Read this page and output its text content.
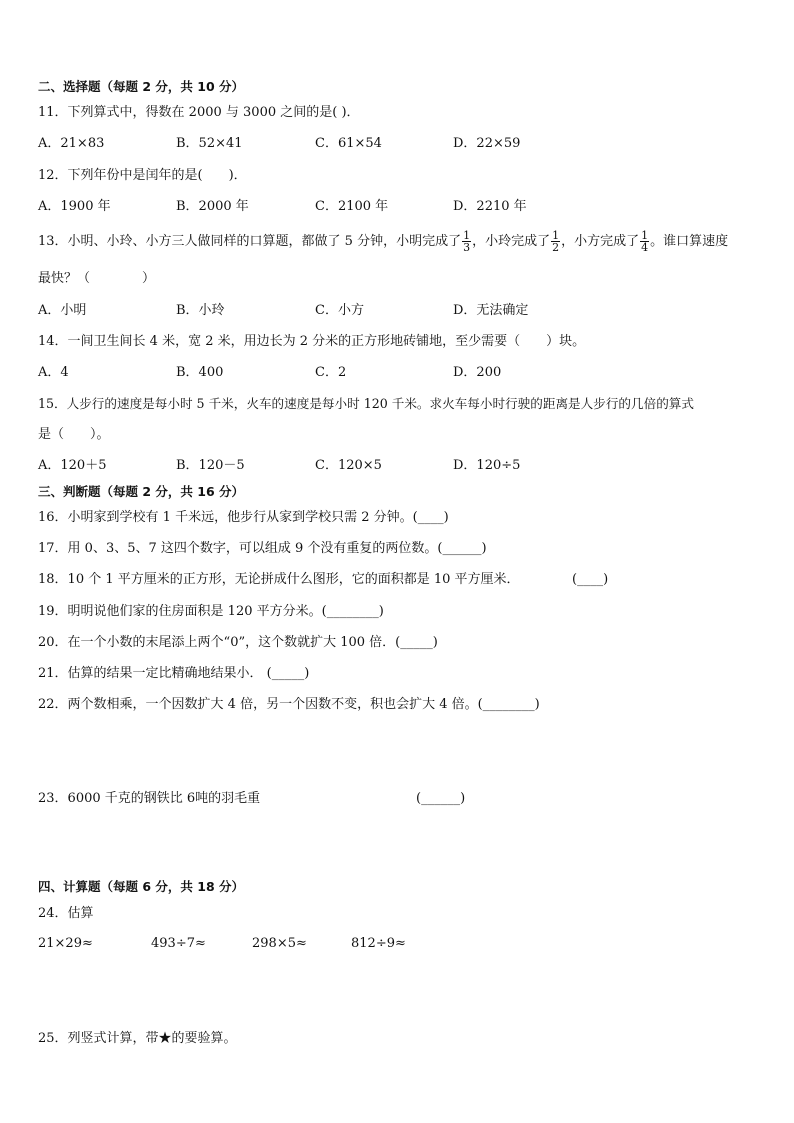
二、选择题（每题 2 分，共 10 分）
11．下列算式中，得数在 2000 与 3000 之间的是( )．
A．21×83	B．52×41	C．61×54	D．22×59
12．下列年份中是闰年的是(　　)．
A．1900 年	B．2000 年	C．2100 年	D．2210 年
13．小明、小玲、小方三人做同样的口算题，都做了 5 分钟，小明完成了 $\frac{1}{3}$ ，小玲完成了 $\frac{1}{2}$ ，小方完成了 $\frac{1}{4}$ 。谁口算速度
最快？（　　　　）
A．小明	B．小玲	C．小方	D．无法确定
14．一间卫生间长 4 米，宽 2 米，用边长为 2 分米的正方形地砖铺地，至少需要（　　）块。
A．4	B．400	C．2	D．200
15．人步行的速度是每小时 5 千米，火车的速度是每小时 120 千米。求火车每小时行驶的距离是人步行的几倍的算式
是（　　）。
A．120＋5	B．120－5	C．120×5	D．120÷5
三、判断题（每题 2 分，共 16 分）
16．小明家到学校有 1 千米远，他步行从家到学校只需 2 分钟。(____)
17．用 0、3、5、7 这四个数字，可以组成 9 个没有重复的两位数。(______)
18．10 个 1 平方厘米的正方形，无论拼成什么图形，它的面积都是 10 平方厘米．	(____)
19．明明说他们家的住房面积是 120 平方分米。(________)
20．在一个小数的末尾添上两个“0”，这个数就扩大 100 倍．(_____)
21．估算的结果一定比精确地结果小． (_____)
22．两个数相乘，一个因数扩大 4 倍，另一个因数不变，积也会扩大 4 倍。(________)
23．6000 千克的钢铁比 6吨的羽毛重	(______)
四、计算题（每题 6 分，共 18 分）
24．估算
21×29≈	493÷7≈	298×5≈	812÷9≈
25．列竖式计算，带★的要验算。
